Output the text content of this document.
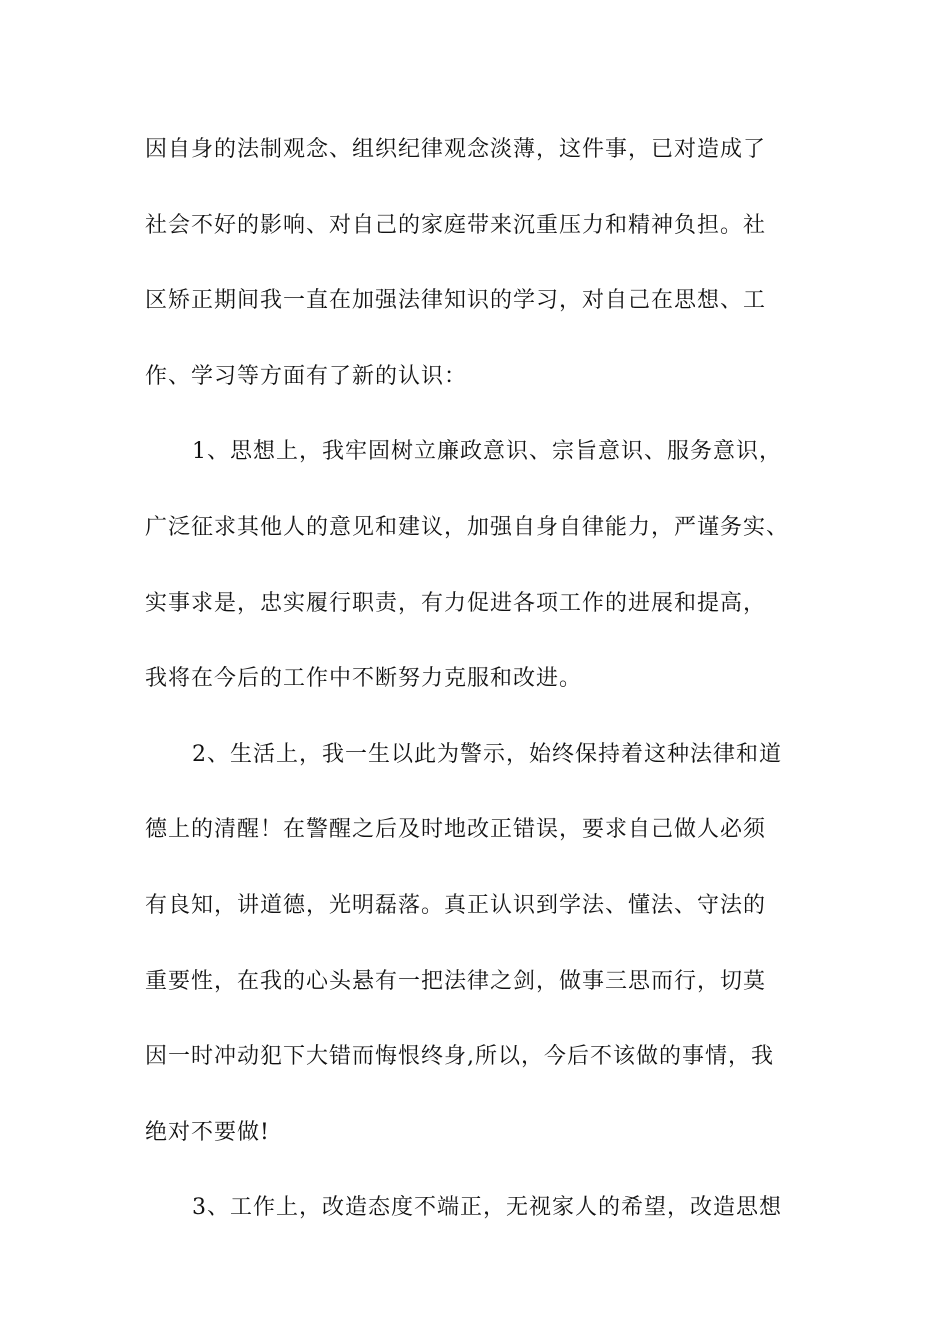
因自身的法制观念、组织纪律观念淡薄，这件事，已对造成了
社会不好的影响、对自己的家庭带来沉重压力和精神负担。社
区矫正期间我一直在加强法律知识的学习，对自己在思想、工
作、学习等方面有了新的认识：
1、思想上，我牢固树立廉政意识、宗旨意识、服务意识，
广泛征求其他人的意见和建议，加强自身自律能力，严谨务实、
实事求是，忠实履行职责，有力促进各项工作的进展和提高，
我将在今后的工作中不断努力克服和改进。
2、生活上，我一生以此为警示，始终保持着这种法律和道
德上的清醒！在警醒之后及时地改正错误，要求自己做人必须
有良知，讲道德，光明磊落。真正认识到学法、懂法、守法的
重要性，在我的心头悬有一把法律之剑，做事三思而行，切莫
因一时冲动犯下大错而悔恨终身,所以，今后不该做的事情，我
绝对不要做!
3、工作上，改造态度不端正，无视家人的希望，改造思想
